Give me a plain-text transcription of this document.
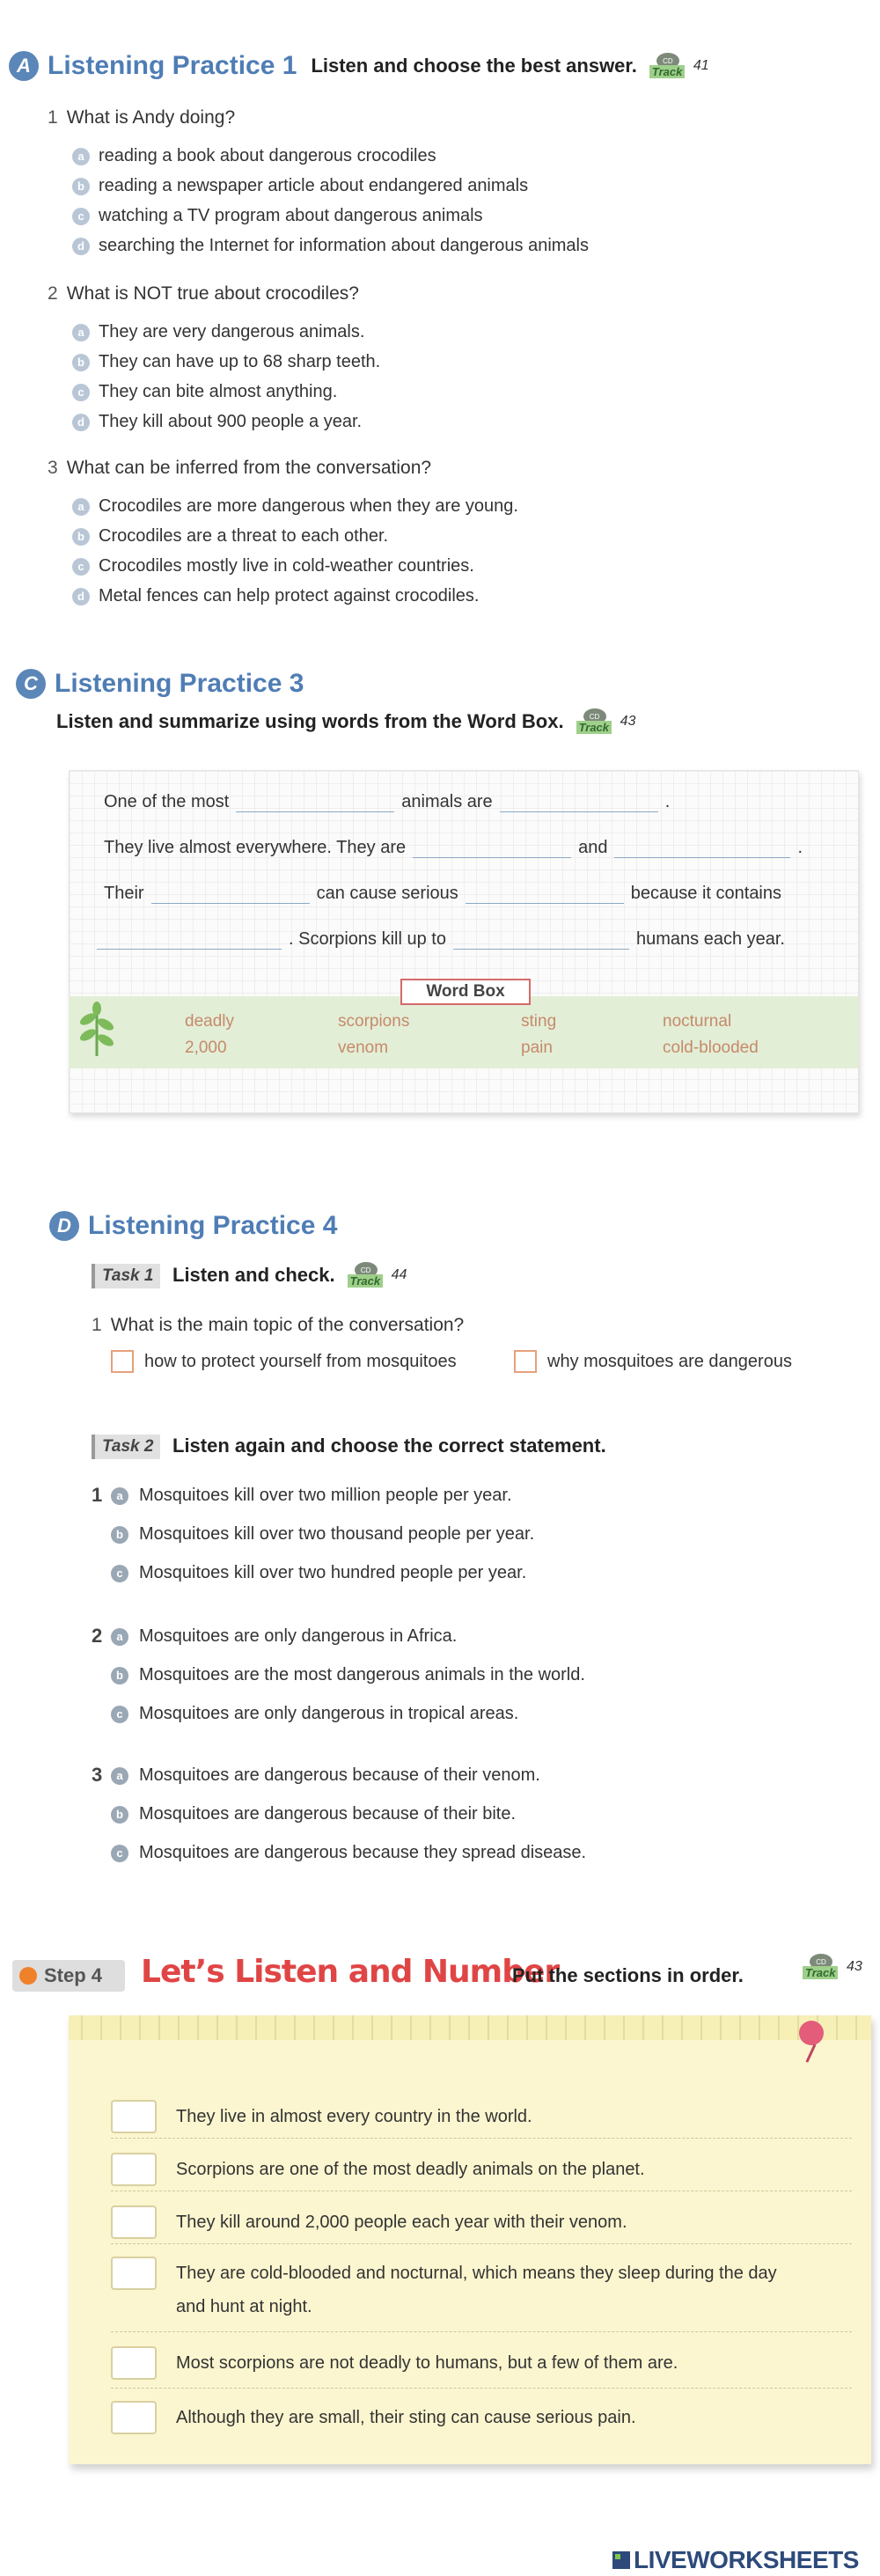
A Listening Practice 1 Listen and choose the best answer.	CD
Track 41
1 What is Andy doing?
a reading a book about dangerous crocodiles
b reading a newspaper article about endangered animals
c watching a TV program about dangerous animals
d searching the Internet for information about dangerous animals
2 What is NOT true about crocodiles?
a They are very dangerous animals.
b They can have up to 68 sharp teeth.
c They can bite almost anything.
d They kill about 900 people a year.
3 What can be inferred from the conversation?
a Crocodiles are more dangerous when they are young.
b Crocodiles are a threat to each other.
c Crocodiles mostly live in cold-weather countries.
d Metal fences can help protect against crocodiles.
C Listening Practice 3
Listen and summarize using words from the Word Box.	CD
Track 43
One of the most	animals are	.
They live almost everywhere. They are	and	.
Their	can cause serious	because it contains
. Scorpions kill up to	humans each year.
Word Box
deadly	scorpions	sting	nocturnal
2,000	venom	pain	cold-blooded
D Listening Practice 4
Task 1 Listen and check.	CD
Track 44
1 What is the main topic of the conversation?
how to protect yourself from mosquitoes	why mosquitoes are dangerous
Task 2 Listen again and choose the correct statement.
1	a Mosquitoes kill over two million people per year.
b Mosquitoes kill over two thousand people per year.
c Mosquitoes kill over two hundred people per year.
2	a Mosquitoes are only dangerous in Africa.
b Mosquitoes are the most dangerous animals in the world.
c Mosquitoes are only dangerous in tropical areas.
3	a Mosquitoes are dangerous because of their venom.
b Mosquitoes are dangerous because of their bite.
c Mosquitoes are dangerous because they spread disease.
Step 4 Let’s Listen and Number
Put the sections in order.
CD
Track 43
They live in almost every country in the world.
Scorpions are one of the most deadly animals on the planet.
They kill around 2,000 people each year with their venom.
They are cold-blooded and nocturnal, which means they sleep during the day
and hunt at night.
Most scorpions are not deadly to humans, but a few of them are.
Although they are small, their sting can cause serious pain.
LIVEWORKSHEETS
